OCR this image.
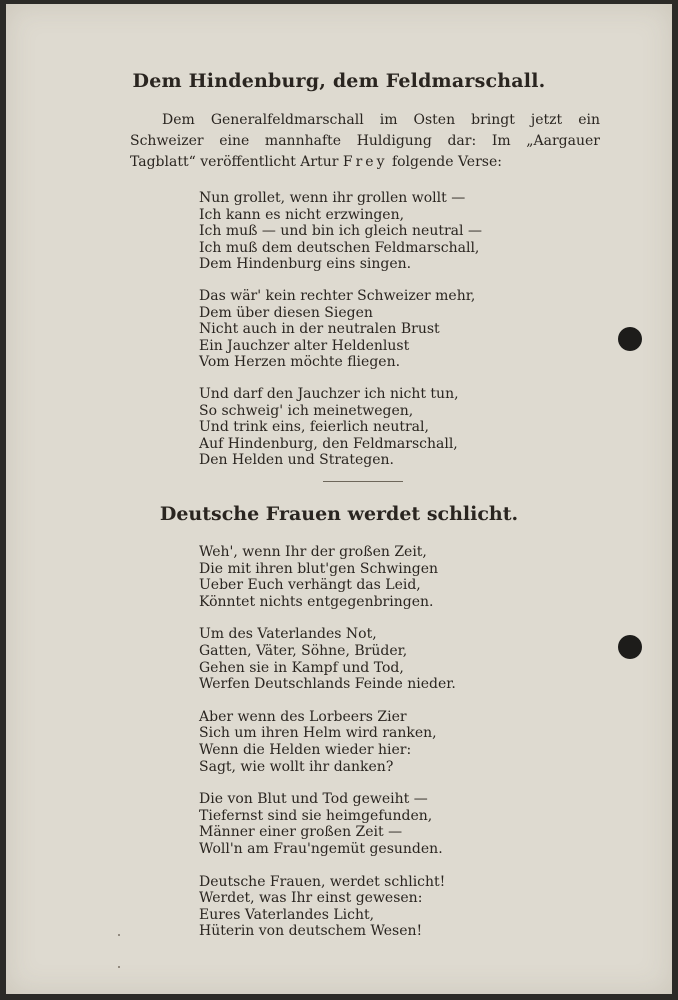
Dem Hindenburg, dem Feldmarschall.

Dem Generalfeldmarschall im Osten bringt jetzt ein Schweizer eine mannhafte Huldigung dar: Im „Aargauer Tagblatt“ veröffentlicht Artur Frey folgende Verse:

Nun grollet, wenn ihr grollen wollt —
Ich kann es nicht erzwingen,
Ich muß — und bin ich gleich neutral —
Ich muß dem deutschen Feldmarschall,
Dem Hindenburg eins singen.
Das wär' kein rechter Schweizer mehr,
Dem über diesen Siegen
Nicht auch in der neutralen Brust
Ein Jauchzer alter Heldenlust
Vom Herzen möchte fliegen.
Und darf den Jauchzer ich nicht tun,
So schweig' ich meinetwegen,
Und trink eins, feierlich neutral,
Auf Hindenburg, den Feldmarschall,
Den Helden und Strategen.
Deutsche Frauen werdet schlicht.
Weh', wenn Ihr der großen Zeit,
Die mit ihren blut'gen Schwingen
Ueber Euch verhängt das Leid,
Könntet nichts entgegenbringen.
Um des Vaterlandes Not,
Gatten, Väter, Söhne, Brüder,
Gehen sie in Kampf und Tod,
Werfen Deutschlands Feinde nieder.
Aber wenn des Lorbeers Zier
Sich um ihren Helm wird ranken,
Wenn die Helden wieder hier:
Sagt, wie wollt ihr danken?
Die von Blut und Tod geweiht —
Tiefernst sind sie heimgefunden,
Männer einer großen Zeit —
Woll'n am Frau'ngemüt gesunden.
Deutsche Frauen, werdet schlicht!
Werdet, was Ihr einst gewesen:
Eures Vaterlandes Licht,
Hüterin von deutschem Wesen!
